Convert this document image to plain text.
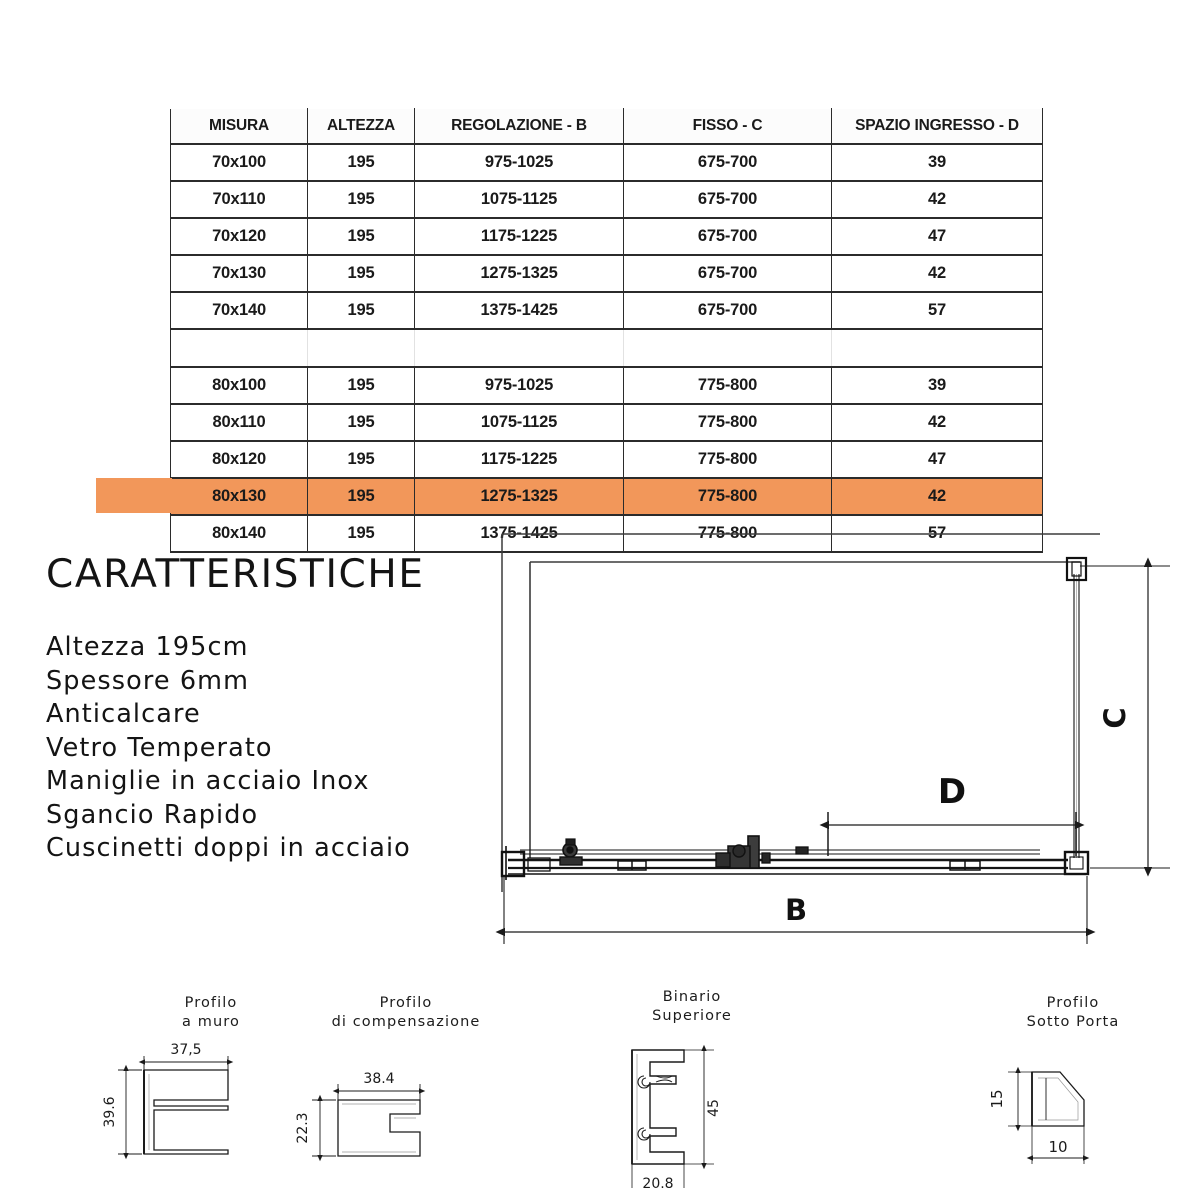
MISURA	ALTEZZA	REGOLAZIONE - B	FISSO - C	SPAZIO INGRESSO - D
70x100	195	975-1025	675-700	39
70x110	195	1075-1125	675-700	42
70x120	195	1175-1225	675-700	47
70x130	195	1275-1325	675-700	42
70x140	195	1375-1425	675-700	57

80x100	195	975-1025	775-800	39
80x110	195	1075-1125	775-800	42
80x120	195	1175-1225	775-800	47
80x130	195	1275-1325	775-800	42
80x140	195	1375-1425	775-800	57
CARATTERISTICHE
Altezza 195cm
Spessore 6mm
Anticalcare
Vetro Temperato
Maniglie in acciaio Inox
Sgancio Rapido
Cuscinetti doppi in acciaio
D
C
B
Profilo
a muro
37,5
39.6
Profilo
di compensazione
38.4
22.3
Binario
Superiore
45
20.8
Profilo
Sotto Porta
15
10
